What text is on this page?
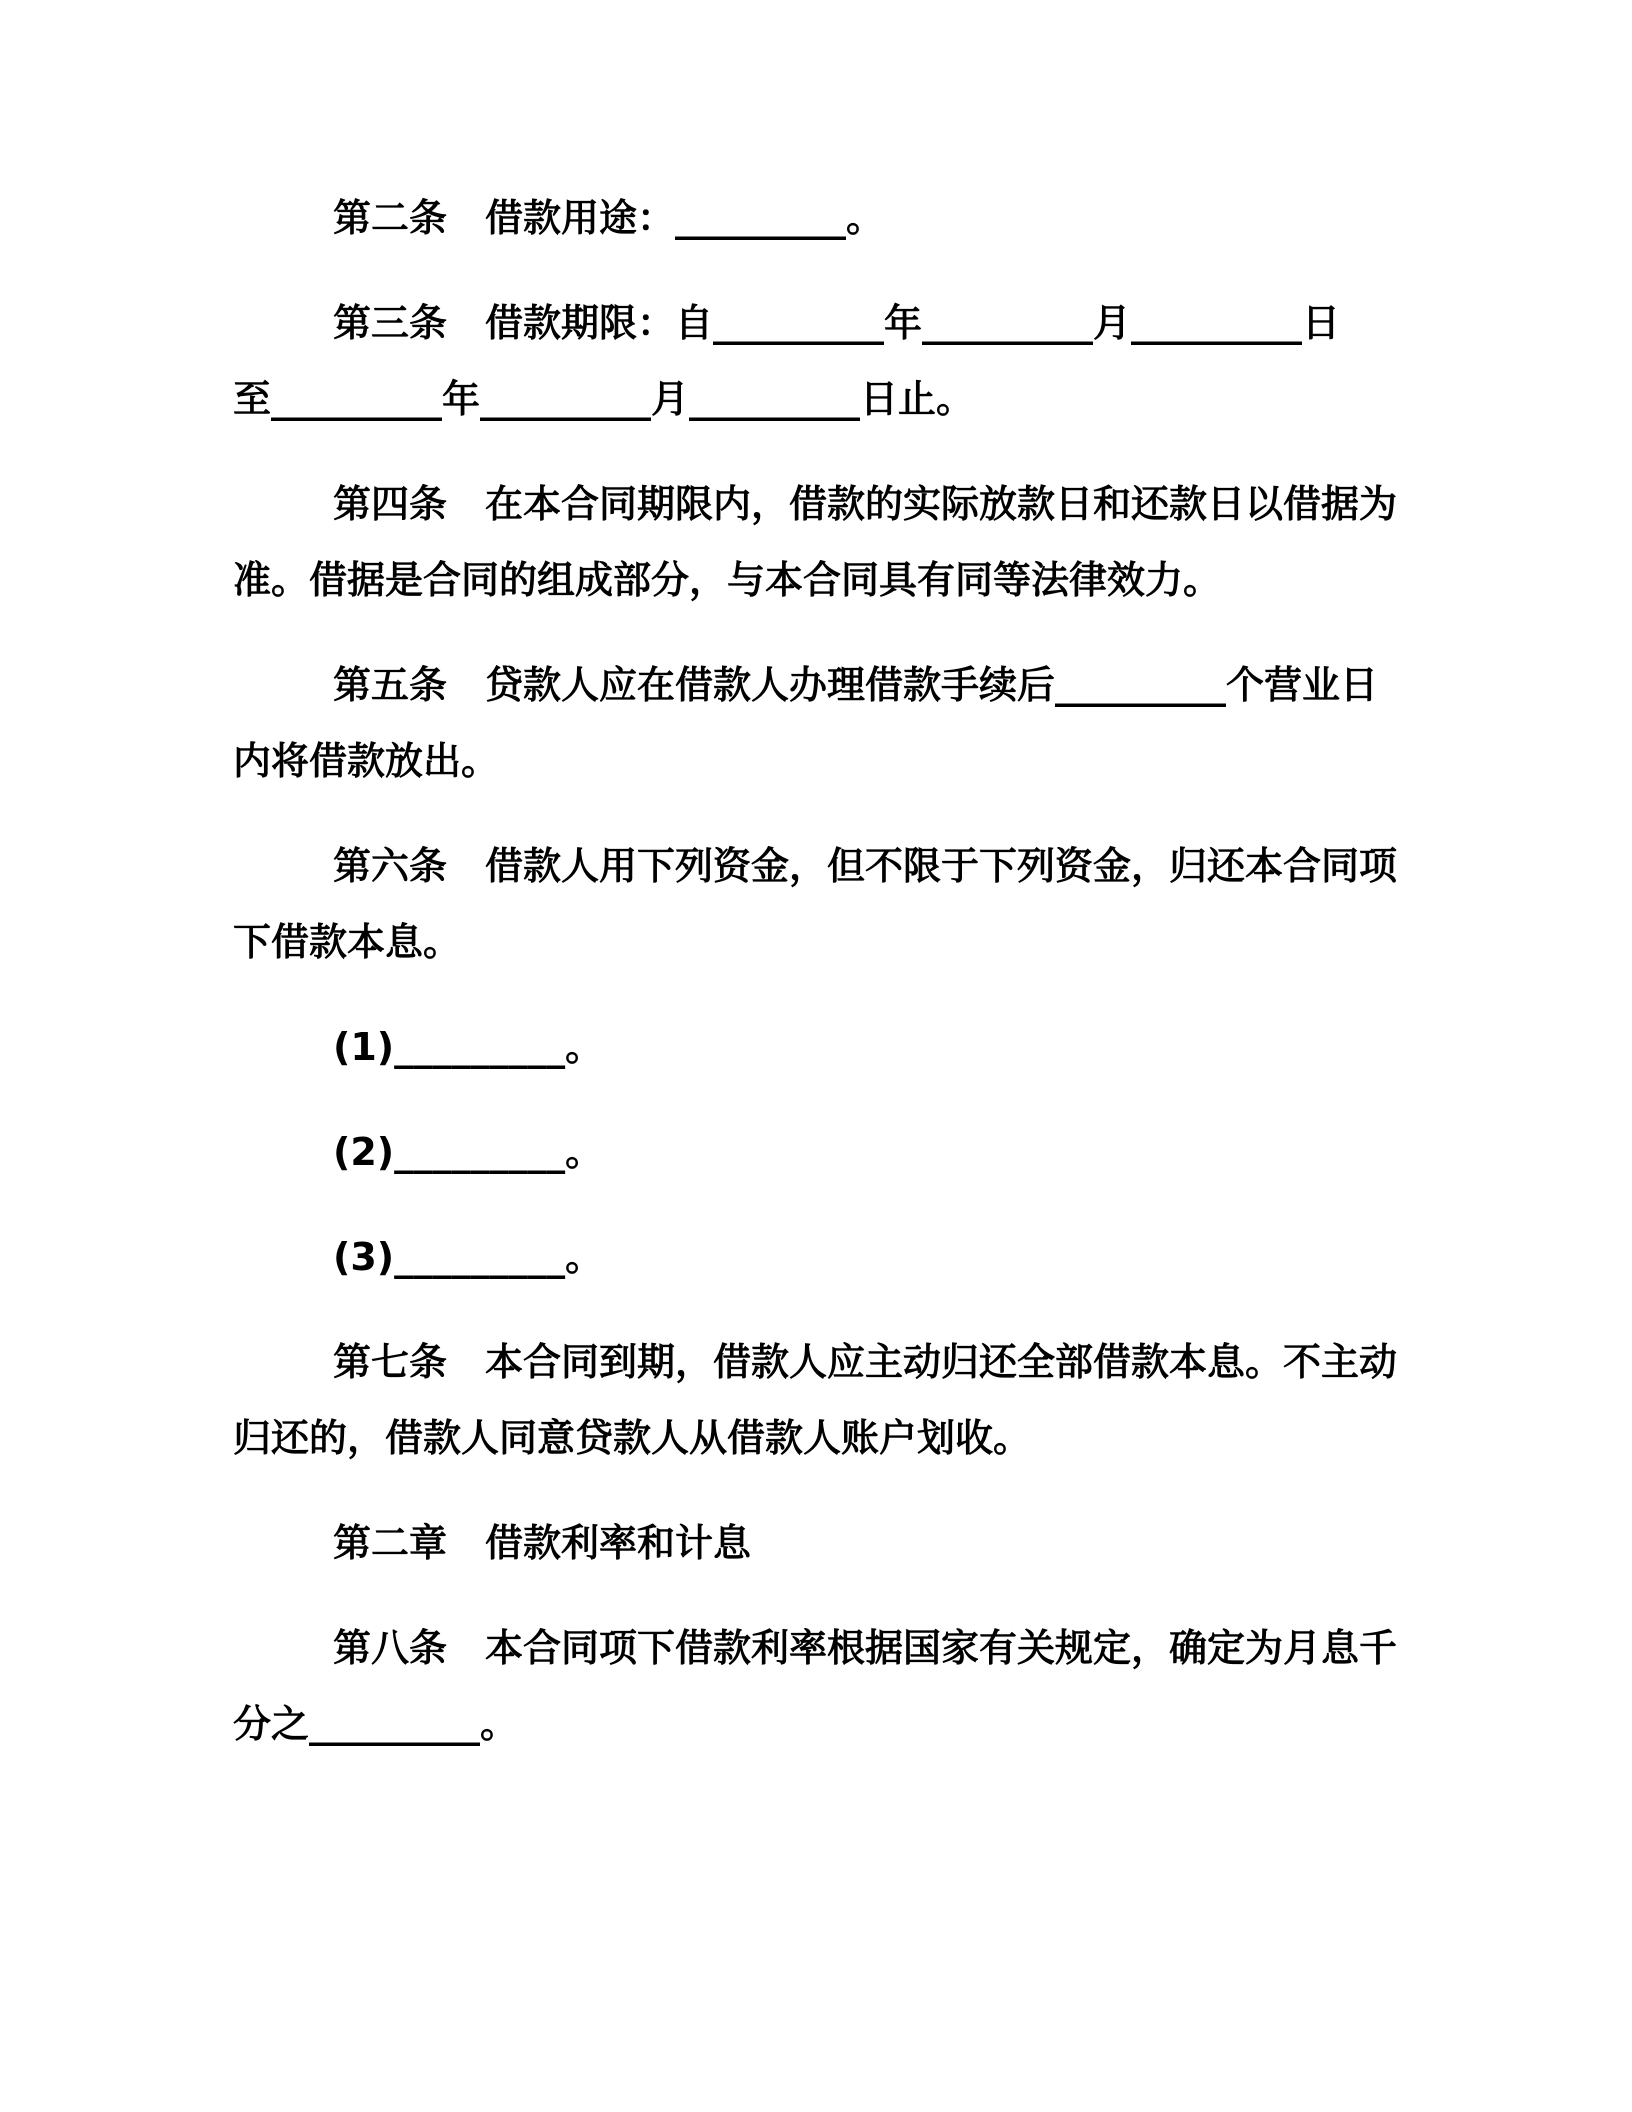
第二条　借款用途：_________。
第三条　借款期限：自_________年_________月_________日
至_________年_________月_________日止。
第四条　在本合同期限内，借款的实际放款日和还款日以借据为
准。借据是合同的组成部分，与本合同具有同等法律效力。
第五条　贷款人应在借款人办理借款手续后_________个营业日
内将借款放出。
第六条　借款人用下列资金，但不限于下列资金，归还本合同项
下借款本息。
(1)_________。
(2)_________。
(3)_________。
第七条　本合同到期，借款人应主动归还全部借款本息。不主动
归还的，借款人同意贷款人从借款人账户划收。
第二章　借款利率和计息
第八条　本合同项下借款利率根据国家有关规定，确定为月息千
分之_________。
